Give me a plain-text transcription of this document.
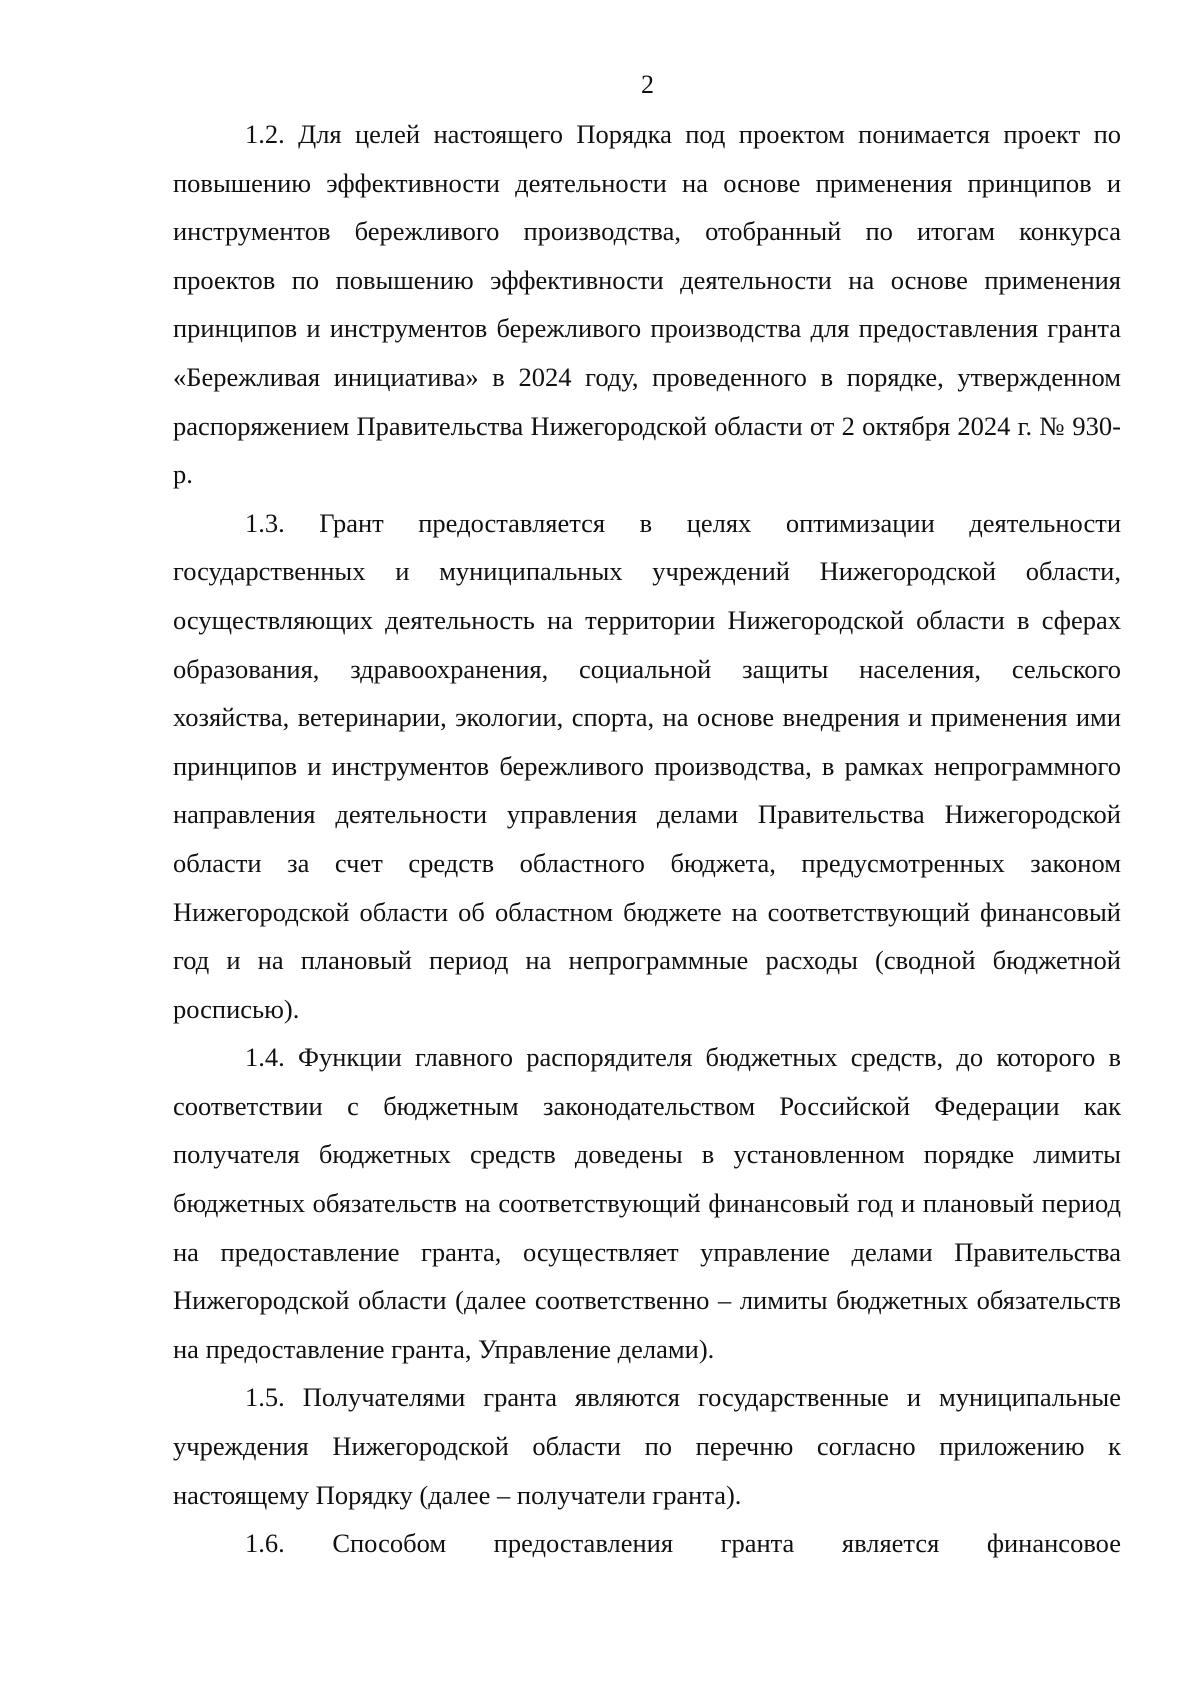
2

1.2. Для целей настоящего Порядка под проектом понимается проект по повышению эффективности деятельности на основе применения принципов и инструментов бережливого производства, отобранный по итогам конкурса проектов по повышению эффективности деятельности на основе применения принципов и инструментов бережливого производства для предоставления гранта «Бережливая инициатива» в 2024 году, проведенного в порядке, утвержденном распоряжением Правительства Нижегородской области от 2 октября 2024 г. № 930-р.

1.3. Грант предоставляется в целях оптимизации деятельности государственных и муниципальных учреждений Нижегородской области, осуществляющих деятельность на территории Нижегородской области в сферах образования, здравоохранения, социальной защиты населения, сельского хозяйства, ветеринарии, экологии, спорта, на основе внедрения и применения ими принципов и инструментов бережливого производства, в рамках непрограммного направления деятельности управления делами Правительства Нижегородской области за счет средств областного бюджета, предусмотренных законом Нижегородской области об областном бюджете на соответствующий финансовый год и на плановый период на непрограммные расходы (сводной бюджетной росписью).

1.4. Функции главного распорядителя бюджетных средств, до которого в соответствии с бюджетным законодательством Российской Федерации как получателя бюджетных средств доведены в установленном порядке лимиты бюджетных обязательств на соответствующий финансовый год и плановый период на предоставление гранта, осуществляет управление делами Правительства Нижегородской области (далее соответственно – лимиты бюджетных обязательств на предоставление гранта, Управление делами).

1.5. Получателями гранта являются государственные и муниципальные учреждения Нижегородской области по перечню согласно приложению к настоящему Порядку (далее – получатели гранта).

1.6. Способом предоставления гранта является финансовое
